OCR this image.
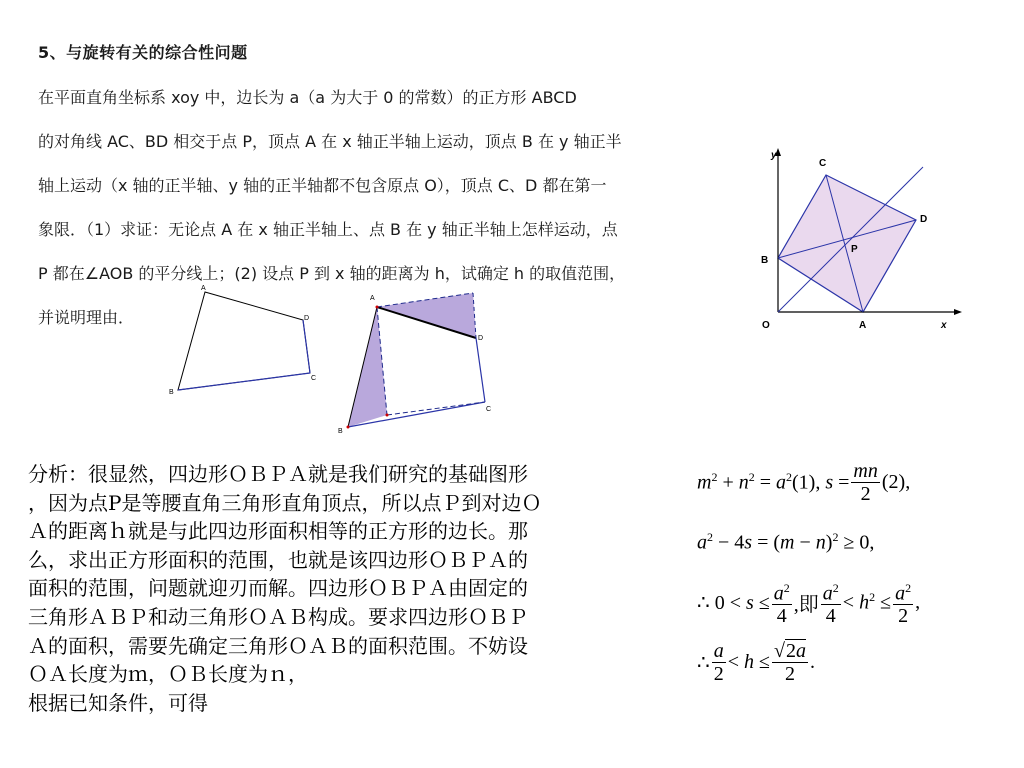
5、与旋转有关的综合性问题
在平面直角坐标系 xoy 中，边长为 a（a 为大于 0 的常数）的正方形 ABCD
的对角线 AC、BD 相交于点 P，顶点 A 在 x 轴正半轴上运动，顶点 B 在 y 轴正半
轴上运动（x 轴的正半轴、y 轴的正半轴都不包含原点 O），顶点 C、D 都在第一
象限．（1）求证：无论点 A 在 x 轴正半轴上、点 B 在 y 轴正半轴上怎样运动，点
P 都在∠AOB 的平分线上；(2) 设点 P 到 x 轴的距离为 h，试确定 h 的取值范围，
并说明理由．
A
B
C
D
A
B
C
D
y
x
O	A
B
C
D
P
分析：很显然，四边形ＯＢＰＡ就是我们研究的基础图形
，因为点P是等腰直角三角形直角顶点，所以点Ｐ到对边Ｏ
Ａ的距离ｈ就是与此四边形面积相等的正方形的边长。那
么，求出正方形面积的范围，也就是该四边形ＯＢＰＡ的
面积的范围，问题就迎刃而解。四边形ＯＢＰＡ由固定的
三角形ＡＢＰ和动三角形ＯＡＢ构成。要求四边形ＯＢＰ
Ａ的面积，需要先确定三角形ＯＡＢ的面积范围。不妨设
ＯＡ长度为ｍ，ＯＢ长度为ｎ，
根据已知条件，可得
$m^2 + n^2 = a^2(1)$, $s = \frac{mn}{2} (2)$,
$a^2 - 4s = (m - n)^2 \ge 0$,
∴ $0 < s \le \frac{a^2}{4}$ ,即 $\frac{a^2}{4} < h^2 \le \frac{a^2}{2}$ ,
∴ $\frac{a}{2} < h \le \frac{√2a}{2}$ .
